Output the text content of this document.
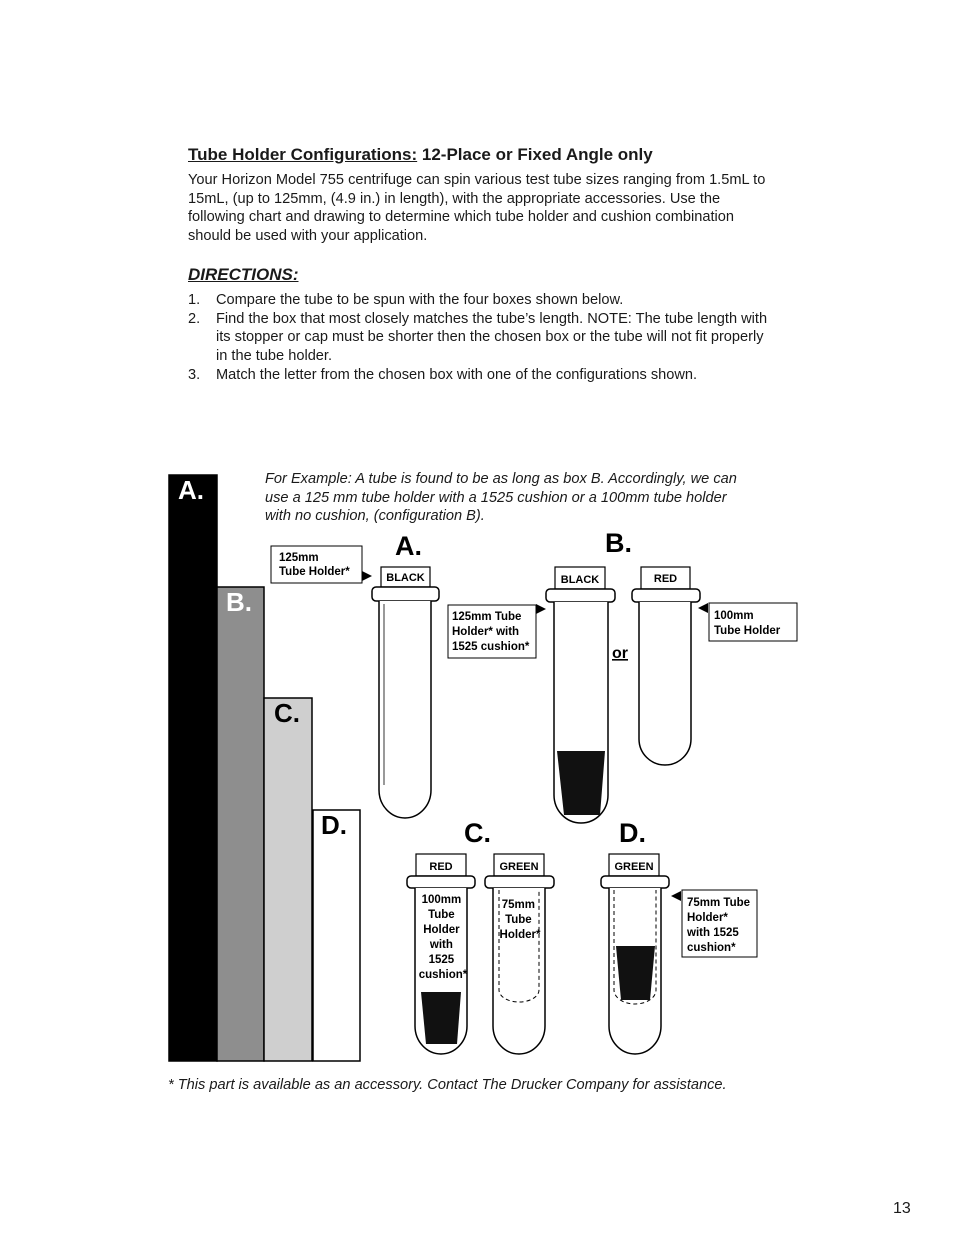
Tube Holder Configurations: 12-Place or Fixed Angle only
Your Horizon Model 755 centrifuge can spin various test tube sizes ranging from 1.5mL to 15mL, (up to 125mm, (4.9 in.) in length), with the appropriate accessories. Use the following chart and drawing to determine which tube holder and cushion combination should be used with your application.
DIRECTIONS:
1. Compare the tube to be spun with the four boxes shown below.
2. Find the box that most closely matches the tube’s length. NOTE: The tube length with its stopper or cap must be shorter then the chosen box or the tube will not fit properly in the tube holder.
3. Match the letter from the chosen box with one of the configurations shown.
For Example: A tube is found to be as long as box B. Accordingly, we can use a 125 mm tube holder with a 1525 cushion or a 100mm tube holder with no cushion, (configuration B).
A.
B.
C.
D.
A.
125mm Tube Holder*	BLACK
B.
125mm Tube Holder* with 1525 cushion*
BLACK
or
RED
100mm Tube Holder
C.
RED
100mm Tube Holder with 1525 cushion*
GREEN
75mm Tube Holder*
D.
GREEN
75mm Tube Holder* with 1525 cushion*
* This part is available as an accessory. Contact The Drucker Company for assistance.
13
